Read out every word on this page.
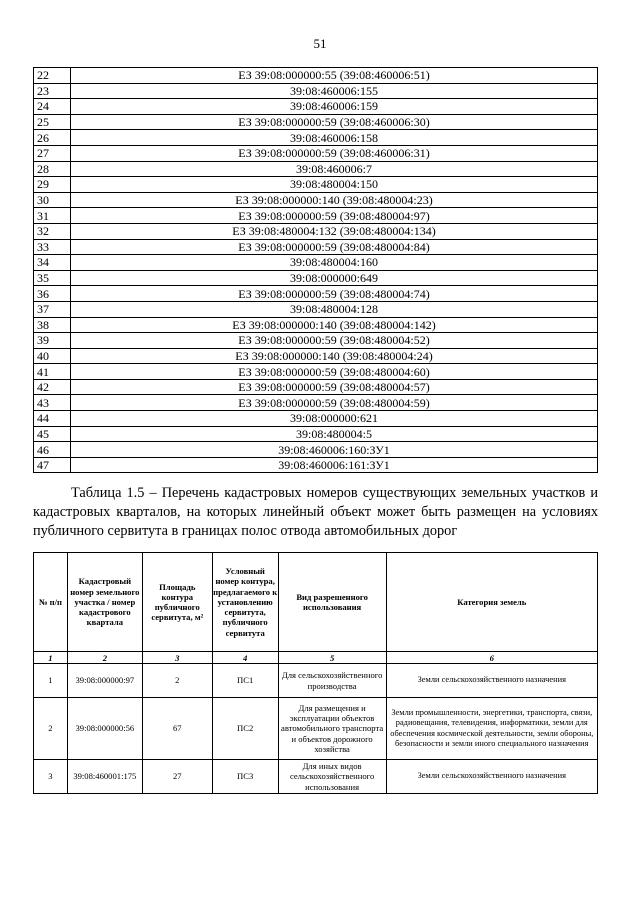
51
22	ЕЗ 39:08:000000:55 (39:08:460006:51)
23	39:08:460006:155
24	39:08:460006:159
25	ЕЗ 39:08:000000:59 (39:08:460006:30)
26	39:08:460006:158
27	ЕЗ 39:08:000000:59 (39:08:460006:31)
28	39:08:460006:7
29	39:08:480004:150
30	ЕЗ 39:08:000000:140 (39:08:480004:23)
31	ЕЗ 39:08:000000:59 (39:08:480004:97)
32	ЕЗ 39:08:480004:132 (39:08:480004:134)
33	ЕЗ 39:08:000000:59 (39:08:480004:84)
34	39:08:480004:160
35	39:08:000000:649
36	ЕЗ 39:08:000000:59 (39:08:480004:74)
37	39:08:480004:128
38	ЕЗ 39:08:000000:140 (39:08:480004:142)
39	ЕЗ 39:08:000000:59 (39:08:480004:52)
40	ЕЗ 39:08:000000:140 (39:08:480004:24)
41	ЕЗ 39:08:000000:59 (39:08:480004:60)
42	ЕЗ 39:08:000000:59 (39:08:480004:57)
43	ЕЗ 39:08:000000:59 (39:08:480004:59)
44	39:08:000000:621
45	39:08:480004:5
46	39:08:460006:160:ЗУ1
47	39:08:460006:161:ЗУ1

Таблица 1.5 – Перечень кадастровых номеров существующих земельных участков и кадастровых кварталов, на которых линейный объект может быть размещен на условиях публичного сервитута в границах полос отвода автомобильных дорог

№ п/п	Кадастровый номер земельного участка / номер кадастрового квартала	Площадь контура публичного сервитута, м²	Условный номер контура, предлагаемого к установлению сервитута, публичного сервитута	Вид разрешенного использования	Категория земель
1	2	3	4	5	6
1	39:08:000000:97	2	ПС1	Для сельскохозяйственного производства	Земли сельскохозяйственного назначения
2	39:08:000000:56	67	ПС2	Для размещения и эксплуатации объектов автомобильного транспорта и объектов дорожного хозяйства	Земли промышленности, энергетики, транспорта, связи, радиовещания, телевидения, информатики, земли для обеспечения космической деятельности, земли обороны, безопасности и земли иного специального назначения
3	39:08:460001:175	27	ПС3	Для иных видов сельскохозяйственного использования	Земли сельскохозяйственного назначения
